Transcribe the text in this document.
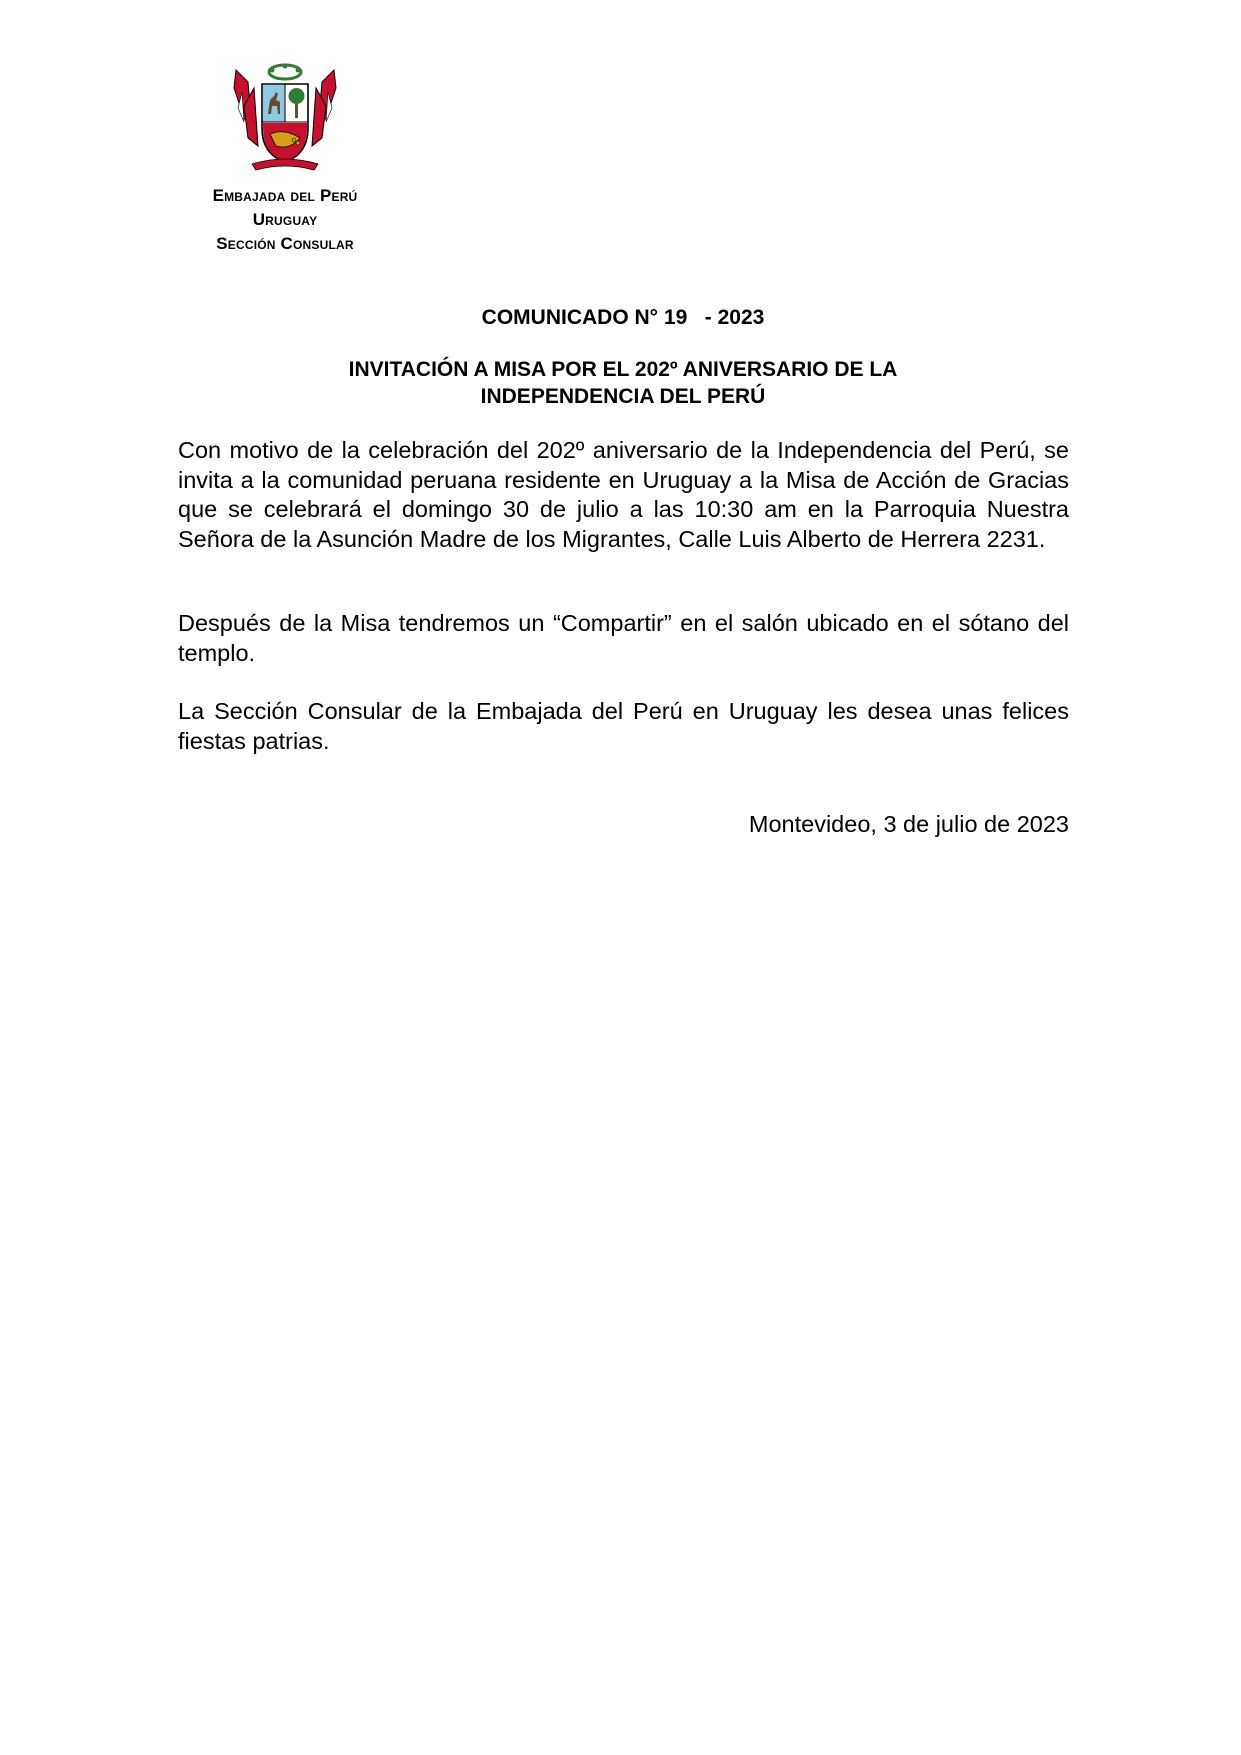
Embajada del Perú
Uruguay
Sección Consular
COMUNICADO N° 19   - 2023
INVITACIÓN A MISA POR EL 202º ANIVERSARIO DE LA
INDEPENDENCIA DEL PERÚ
Con motivo de la celebración del 202º aniversario de la Independencia del Perú, se invita a la comunidad peruana residente en Uruguay a la Misa de Acción de Gracias que se celebrará el domingo 30 de julio a las 10:30 am en la Parroquia Nuestra Señora de la Asunción Madre de los Migrantes, Calle Luis Alberto de Herrera 2231.
Después de la Misa tendremos un “Compartir” en el salón ubicado en el sótano del templo.
La Sección Consular de la Embajada del Perú en Uruguay les desea unas felices fiestas patrias.
Montevideo, 3 de julio de 2023
